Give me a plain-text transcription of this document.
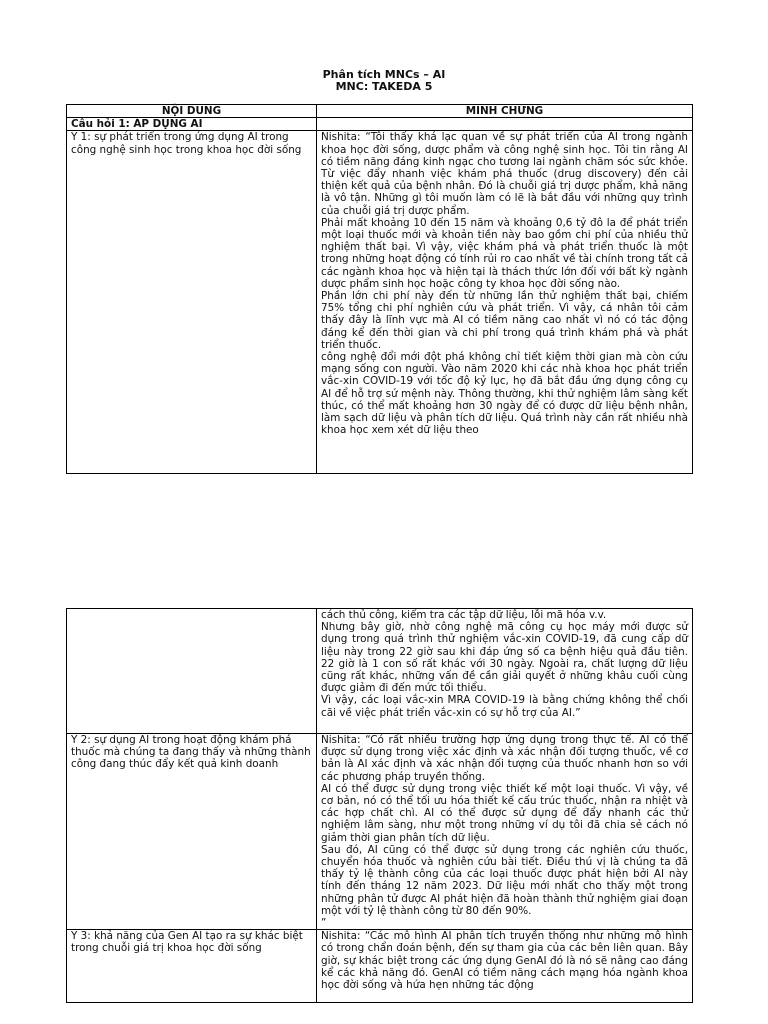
Phân tích MNCs – AI
MNC: TAKEDA 5
NỘI DUNG	MINH CHỨNG
Câu hỏi 1: ÁP DỤNG AI	
Y 1: sự phát triển trong ứng dụng AI trong công nghệ sinh học trong khoa học đời sống	Nishita: “Tôi thấy khá lạc quan về sự phát triển của AI trong ngành khoa học đời sống, dược phẩm và công nghệ sinh học. Tôi tin rằng AI có tiềm năng đáng kinh ngạc cho tương lai ngành chăm sóc sức khỏe. Từ việc đẩy nhanh việc khám phá thuốc (drug discovery) đến cải thiện kết quả của bệnh nhân. Đó là chuỗi giá trị dược phẩm, khả năng là vô tận. Những gì tôi muốn làm có lẽ là bắt đầu với những quy trình của chuỗi giá trị dược phẩm.

Phải mất khoảng 10 đến 15 năm và khoảng 0,6 tỷ đô la để phát triển một loại thuốc mới và khoản tiền này bao gồm chi phí của nhiều thử nghiệm thất bại. Vì vậy, việc khám phá và phát triển thuốc là một trong những hoạt động có tính rủi ro cao nhất về tài chính trong tất cả các ngành khoa học và hiện tại là thách thức lớn đối với bất kỳ ngành dược phẩm sinh học hoặc công ty khoa học đời sống nào.

Phần lớn chi phí này đến từ những lần thử nghiệm thất bại, chiếm 75% tổng chi phí nghiên cứu và phát triển. Vì vậy, cá nhân tôi cảm thấy đây là lĩnh vực mà AI có tiềm năng cao nhất vì nó có tác động đáng kể đến thời gian và chi phí trong quá trình khám phá và phát triển thuốc.

công nghệ đổi mới đột phá không chỉ tiết kiệm thời gian mà còn cứu mạng sống con người. Vào năm 2020 khi các nhà khoa học phát triển vắc-xin COVID-19 với tốc độ kỷ lục, họ đã bắt đầu ứng dụng công cụ AI để hỗ trợ sứ mệnh này. Thông thường, khi thử nghiệm lâm sàng kết thúc, có thể mất khoảng hơn 30 ngày để có được dữ liệu bệnh nhân, làm sạch dữ liệu và phân tích dữ liệu. Quá trình này cần rất nhiều nhà khoa học xem xét dữ liệu theo

	cách thủ công, kiểm tra các tập dữ liệu, lỗi mã hóa v.v.

Nhưng bây giờ, nhờ công nghệ mã công cụ học máy mới được sử dụng trong quá trình thử nghiệm vắc-xin COVID-19, đã cung cấp dữ liệu này trong 22 giờ sau khi đáp ứng số ca bệnh hiệu quả đầu tiên. 22 giờ là 1 con số rất khác với 30 ngày. Ngoài ra, chất lượng dữ liệu cũng rất khác, những vấn đề cần giải quyết ở những khâu cuối cùng được giảm đi đến mức tối thiểu.

Vì vậy, các loại vắc-xin MRA COVID-19 là bằng chứng không thể chối cãi về việc phát triển vắc-xin có sự hỗ trợ của AI.”

Y 2: sự dụng AI trong hoạt động khám phá thuốc mà chúng ta đang thấy và những thành công đang thúc đẩy kết quả kinh doanh	Nishita: “Có rất nhiều trường hợp ứng dụng trong thực tế. AI có thể được sử dụng trong việc xác định và xác nhận đối tượng thuốc, về cơ bản là AI xác định và xác nhận đối tượng của thuốc nhanh hơn so với các phương pháp truyền thống.

AI có thể được sử dụng trong việc thiết kế một loại thuốc. Vì vậy, về cơ bản, nó có thể tối ưu hóa thiết kế cấu trúc thuốc, nhận ra nhiệt và các hợp chất chì. AI có thể được sử dụng để đẩy nhanh các thử nghiệm lâm sàng, như một trong những ví dụ tôi đã chia sẻ cách nó giảm thời gian phân tích dữ liệu.

Sau đó, AI cũng có thể được sử dụng trong các nghiên cứu thuốc, chuyển hóa thuốc và nghiên cứu bài tiết. Điều thú vị là chúng ta đã thấy tỷ lệ thành công của các loại thuốc được phát hiện bởi AI này tính đến tháng 12 năm 2023. Dữ liệu mới nhất cho thấy một trong những phân tử được AI phát hiện đã hoàn thành thử nghiệm giai đoạn một với tỷ lệ thành công từ 80 đến 90%.

”

Y 3: khả năng của Gen AI tạo ra sự khác biệt trong chuỗi giá trị khoa học đời sống	Nishita: “Các mô hình AI phân tích truyền thống như những mô hình có trong chẩn đoán bệnh, đến sự tham gia của các bên liên quan. Bây giờ, sự khác biệt trong các ứng dụng GenAI đó là nó sẽ nâng cao đáng kể các khả năng đó. GenAI có tiềm năng cách mạng hóa ngành khoa học đời sống và hứa hẹn những tác động
